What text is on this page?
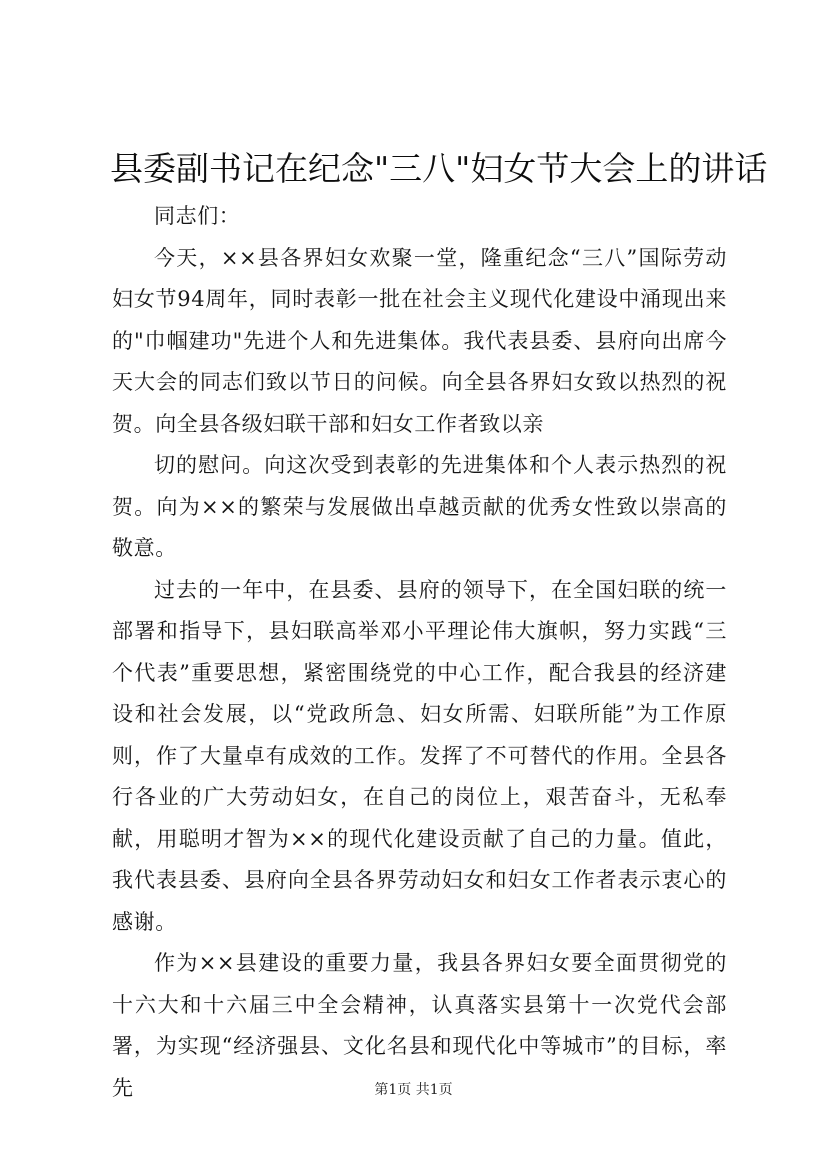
县委副书记在纪念"三八"妇女节大会上的讲话

同志们：

今天，××县各界妇女欢聚一堂，隆重纪念“三八”国际劳动妇女节94周年，同时表彰一批在社会主义现代化建设中涌现出来的"巾帼建功"先进个人和先进集体。我代表县委、县府向出席今天大会的同志们致以节日的问候。向全县各界妇女致以热烈的祝贺。向全县各级妇联干部和妇女工作者致以亲

切的慰问。向这次受到表彰的先进集体和个人表示热烈的祝贺。向为××的繁荣与发展做出卓越贡献的优秀女性致以崇高的敬意。

过去的一年中，在县委、县府的领导下，在全国妇联的统一部署和指导下，县妇联高举邓小平理论伟大旗帜，努力实践“三个代表”重要思想，紧密围绕党的中心工作，配合我县的经济建设和社会发展，以“党政所急、妇女所需、妇联所能”为工作原则，作了大量卓有成效的工作。发挥了不可替代的作用。全县各行各业的广大劳动妇女，在自己的岗位上，艰苦奋斗，无私奉献，用聪明才智为××的现代化建设贡献了自己的力量。值此，我代表县委、县府向全县各界劳动妇女和妇女工作者表示衷心的感谢。

作为××县建设的重要力量，我县各界妇女要全面贯彻党的十六大和十六届三中全会精神，认真落实县第十一次党代会部署，为实现“经济强县、文化名县和现代化中等城市”的目标，率先	第1页 共1页
